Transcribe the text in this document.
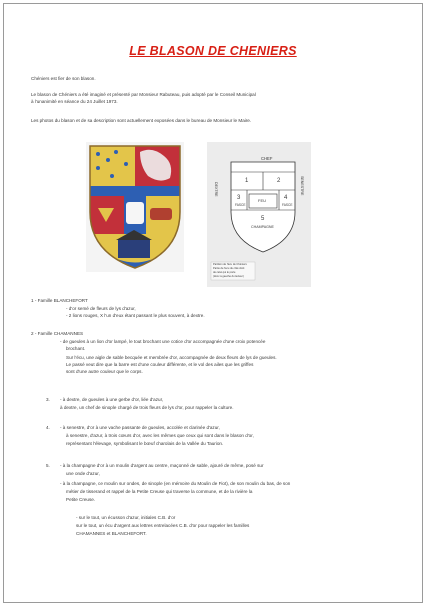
LE BLASON DE CHENIERS
Chéniers est fier de son blason.
Le blason de Chéniers a été imaginé et présenté par Monsieur Rabuteau, puis adopté par le Conseil Municipal
à l'unanimité en séance du 24 Juillet 1973.
Les photos du blason et de sa description sont actuellement exposées dans le bureau de Monsieur le Maire.
CHEF
1	2
3
FASCE
FEU	4
FASCE
5
CHAMPAGNE
DEXTRE	SENESTRE
Partition de l'écu de Chéniers
Partie de l'écu du côté droit
de celui qui le porte
(donc à gauche du lecteur)
1 - Famille BLANCHEFORT
- d'or semé de fleurs de lys d'azur,
- 2 lions rouges, X l'un d'eux étant passant le plus souvent, à dextre.
2 - Famille CHAMANNES
- de gueules à un lion d'or lampé, le tout brochant une cotice d'or accompagnée d'une croix potencée
brochant.
Sur l'écu, une aigle de sable becquée et membrée d'or, accompagnée de deux fleurs de lys de gueules.
Le passé veut dire que la barre est d'une couleur différente, et le vol des ailes que les griffes
sont d'une autre couleur que le corps.
3. - à dextre, de gueules à une gerbe d'or, liée d'azur,
à dextre, un chef de sinople chargé de trois fleurs de lys d'or, pour rappeler la culture.
4. - à senestre, d'or à une vache passante de gueules, accolée et clarinée d'azur,
à senestre, d'azur, à trois cœurs d'or, avec les mêmes que ceux qui sont dans le blason d'or,
représentant l'élevage, symbolisant le bœuf charolais de la Vallée du Taurion.
5. - à la champagne d'or à un moulin d'argent au centre, maçonné de sable, ajouré de même, posé sur
une onde d'azur,
- à la champagne, ce moulin sur ondes, de sinople (en mémoire du Moulin de Fiot), de son moulin du bas, de son
métier de tisserand et rappel de la Petite Creuse qui traverse la commune, et de la rivière la
Petite Creuse.
- sur le tout, un écusson d'azur, initiales C.B. d'or
sur le tout, un écu d'argent aux lettres entrelacées C.B. d'or pour rappeler les familles
CHAMANNES et BLANCHEFORT.
